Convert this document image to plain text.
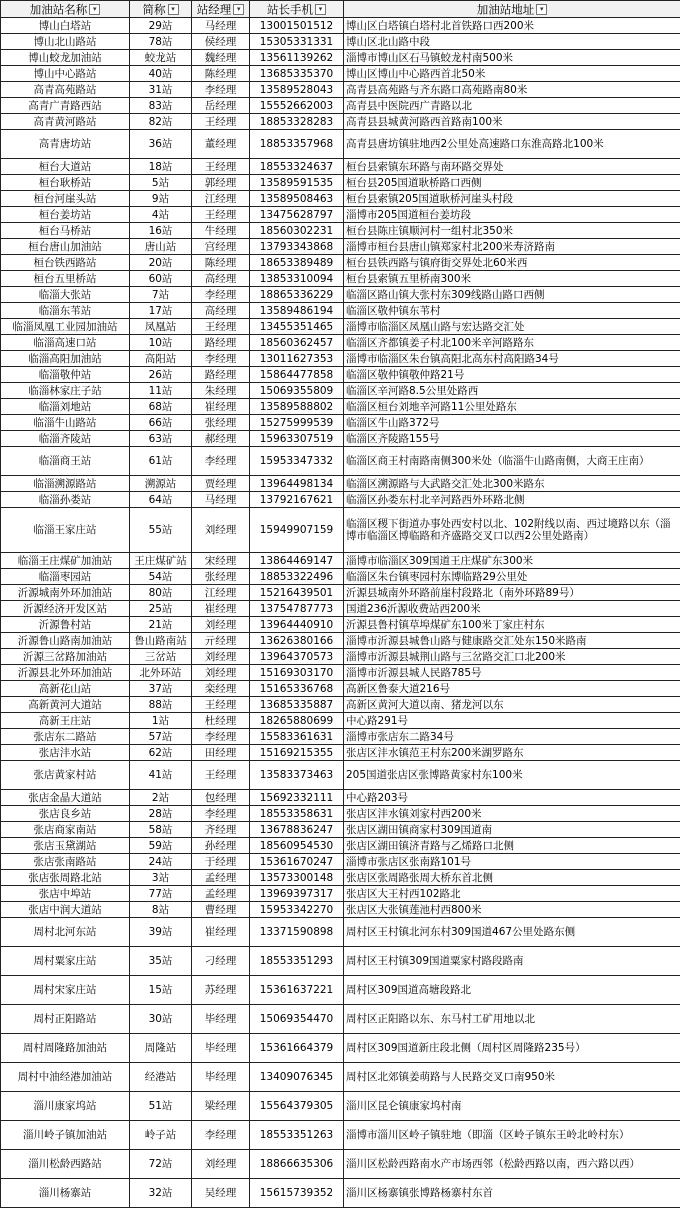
加油站名称 ▾	简称 ▾	站经理 ▾	站长手机 ▾	加油站地址 ▾
博山白塔站	29站	马经理	13001501512	博山区白塔镇白塔村北首铁路口西200米
博山北山路站	78站	侯经理	15305331331	博山区北山路中段
博山蛟龙加油站	蛟龙站	魏经理	13561139262	淄博市博山区石马镇蛟龙村南500米
博山中心路站	40站	陈经理	13685335370	博山区博山中心路西首北50米
高青高苑路站	31站	李经理	13589528043	高青县高苑路与齐东路口高苑路南80米
高青广青路西站	83站	岳经理	15552662003	高青县中医院西广青路以北
高青黄河路站	82站	王经理	18853328283	高青县县城黄河路西首路南100米
高青唐坊站	36站	董经理	18853357968	高青县唐坊镇驻地西2公里处高速路口东淮高路北100米
桓台大道站	18站	王经理	18553324637	桓台县索镇东环路与南环路交界处
桓台耿桥站	5站	郭经理	13589591535	桓台县205国道耿桥路口西侧
桓台河崖头站	9站	江经理	13589508463	桓台县索镇205国道耿桥河崖头村段
桓台姜坊站	4站	王经理	13475628797	淄博市205国道桓台姜坊段
桓台马桥站	16站	牛经理	18560302231	桓台县陈庄镇顺河村一组村北350米
桓台唐山加油站	唐山站	宫经理	13793343868	淄博市桓台县唐山镇郑家村北200米寿济路南
桓台铁西路站	20站	陈经理	18653389489	桓台县铁西路与镇府街交界处北60米西
桓台五里桥站	60站	高经理	13853310094	桓台县索镇五里桥南300米
临淄大张站	7站	李经理	18865336229	临淄区路山镇大张村东309线路山路口西侧
临淄东苇站	17站	高经理	13589486194	临淄区敬仲镇东苇村
临淄凤凰工业园加油站	凤凰站	王经理	13455351465	淄博市临淄区凤凰山路与宏达路交汇处
临淄高速口站	10站	路经理	18560362457	临淄区齐都镇姜子村北100米辛河路路东
临淄高阳加油站	高阳站	李经理	13011627353	淄博市临淄区朱台镇高阳北高东村高阳路34号
临淄敬仲站	26站	路经理	15864477858	临淄区敬仲镇敬仲路21号
临淄林家庄子站	11站	朱经理	15069355809	临淄区辛河路8.5公里处路西
临淄刘地站	68站	崔经理	13589588802	临淄区桓台刘地辛河路11公里处路东
临淄牛山路站	66站	张经理	15275999539	临淄区牛山路372号
临淄齐陵站	63站	郝经理	15963307519	临淄区齐陵路155号
临淄商王站	61站	李经理	15953347332	临淄区商王村南路南侧300米处（临淄牛山路南侧，大商王庄南）
临淄溯源路站	溯源站	贾经理	13964498134	临淄区溯源路与大武路交汇处北300米路东
临淄孙娄站	64站	马经理	13792167621	临淄区孙娄东村北辛河路西外环路北侧
临淄王家庄站	55站	刘经理	15949907159	临淄区稷下街道办事处西安村以北、102附线以南、西过境路以东（淄博市临淄区博临路和齐盛路交叉口以西2公里处路南）
临淄王庄煤矿加油站	王庄煤矿站	宋经理	13864469147	淄博市临淄区309国道王庄煤矿东300米
临淄枣园站	54站	张经理	18853322496	临淄区朱台镇枣园村东博临路29公里处
沂源城南外环加油站	80站	江经理	15216439501	沂源县城南外环路前崖村段路北（南外环路89号）
沂源经济开发区站	25站	崔经理	13754787773	国道236沂源收费站西200米
沂源鲁村站	21站	刘经理	13964440910	沂源县鲁村镇草埠煤矿东100米丁家庄村东
沂源鲁山路南加油站	鲁山路南站	亓经理	13626380166	淄博市沂源县城鲁山路与健康路交汇处东150米路南
沂源三岔路加油站	三岔站	刘经理	13964370573	淄博市沂源县城荆山路与三岔路交汇口北200米
沂源县北外环加油站	北外环站	刘经理	15169303170	淄博市沂源县城人民路785号
高新花山站	37站	栾经理	15165336768	高新区鲁泰大道216号
高新黄河大道站	88站	王经理	13685335887	高新区黄河大道以南、猪龙河以东
高新王庄站	1站	杜经理	18265880699	中心路291号
张店东二路站	57站	李经理	15583361631	淄博市张店东二路34号
张店沣水站	62站	田经理	15169215355	张店区沣水镇范王村东200米湖罗路东
张店黄家村站	41站	王经理	13583373463	205国道张店区张博路黄家村东100米
张店金晶大道站	2站	包经理	15692332111	中心路203号
张店良乡站	28站	李经理	18553358631	张店区沣水镇刘家村西200米
张店商家南站	58站	齐经理	13678836247	张店区湖田镇商家村309国道南
张店玉黛湖站	59站	孙经理	18560954530	张店区湖田镇济青路与乙烯路口北侧
张店张南路站	24站	于经理	15361670247	淄博市张店区张南路101号
张店张周路北站	3站	孟经理	13573300148	张店区张周路张周大桥东首北侧
张店中埠站	77站	孟经理	13969397317	张店区大王村西102路北
张店中润大道站	8站	曹经理	15953342270	张店区大张镇莲池村西800米
周村北河东站	39站	崔经理	13371590898	周村区王村镇北河东村309国道467公里处路东侧
周村粟家庄站	35站	刁经理	18553351293	周村区王村镇309国道粟家村路段路南
周村宋家庄站	15站	苏经理	15361637221	周村区309国道高塘段路北
周村正阳路站	30站	毕经理	15069354470	周村区正阳路以东、东马村工矿用地以北
周村周隆路加油站	周隆站	毕经理	15361664379	周村区309国道新庄段北侧（周村区周隆路235号）
周村中油经港加油站	经港站	毕经理	13409076345	周村区北郊镇姜萌路与人民路交叉口南950米
淄川康家坞站	51站	梁经理	15564379305	淄川区昆仑镇康家坞村南
淄川岭子镇加油站	岭子站	李经理	18553351263	淄博市淄川区岭子镇驻地（即淄（区岭子镇东王岭北岭村东）
淄川松龄西路站	72站	刘经理	18866635306	淄川区松龄西路南水产市场西邻（松龄西路以南，西六路以西）
淄川杨寨站	32站	吴经理	15615739352	淄川区杨寨镇张博路杨寨村东首
